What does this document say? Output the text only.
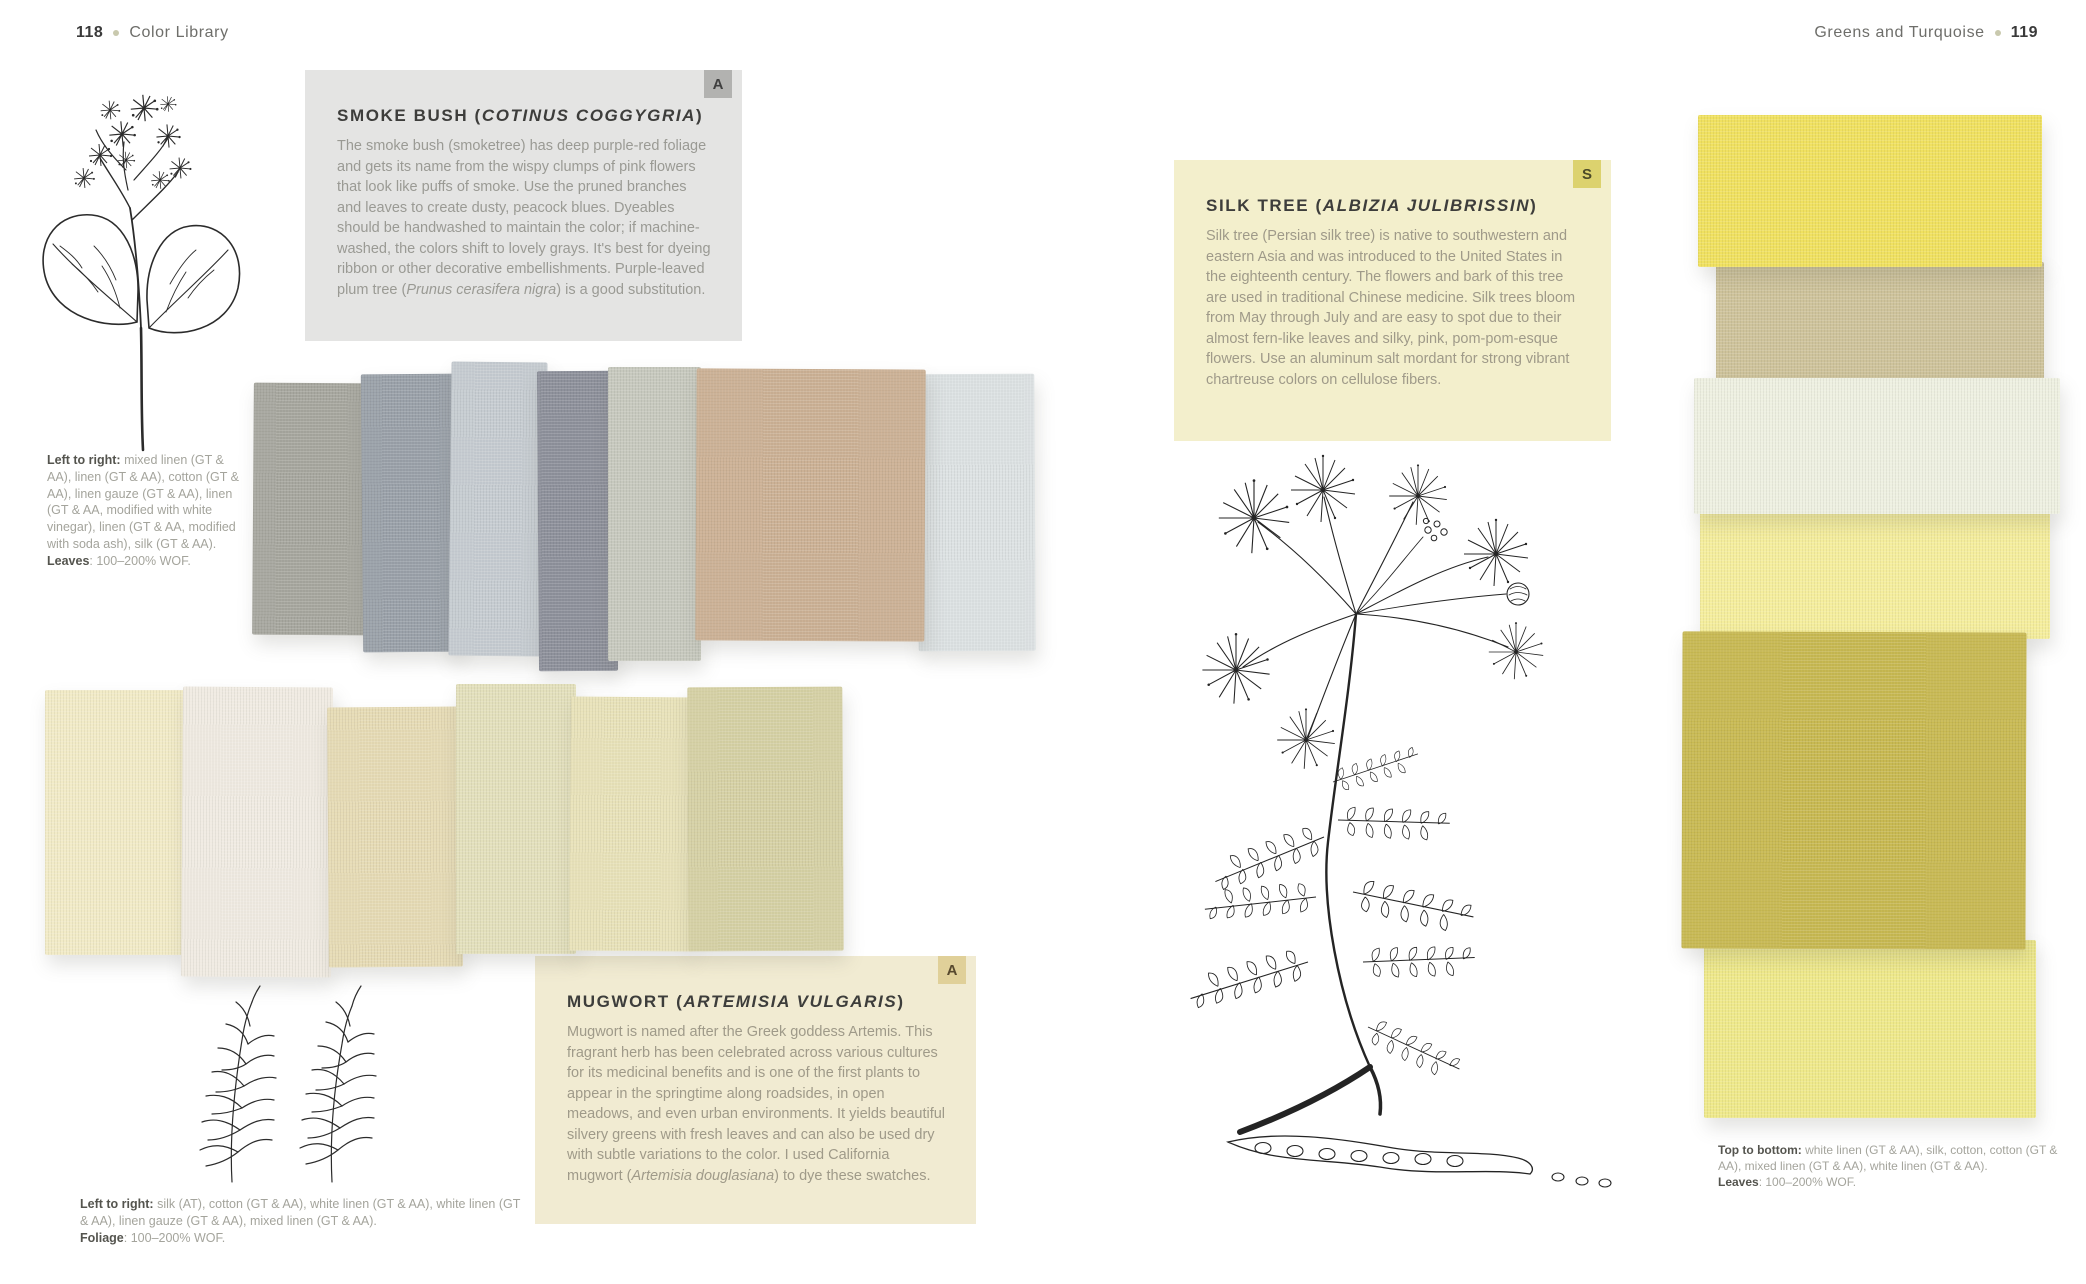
118 Color Library	Greens and Turquoise 119
A
SMOKE BUSH (COTINUS COGGYGRIA)

The smoke bush (smoketree) has deep purple-red foliage and gets its name from the wispy clumps of pink flowers that look like puffs of smoke. Use the pruned branches and leaves to create dusty, peacock blues. Dyeables should be handwashed to maintain the color; if machine-washed, the colors shift to lovely grays. It's best for dyeing ribbon or other decorative embellishments. Purple-leaved plum tree (Prunus cerasifera nigra) is a good substitution.

Left to right: mixed linen (GT & AA), linen (GT & AA), cotton (GT & AA), linen gauze (GT & AA), linen (GT & AA, modified with white vinegar), linen (GT & AA, modified with soda ash), silk (GT & AA).
Leaves: 100–200% WOF.
A
MUGWORT (ARTEMISIA VULGARIS)

Mugwort is named after the Greek goddess Artemis. This fragrant herb has been celebrated across various cultures for its medicinal benefits and is one of the first plants to appear in the springtime along roadsides, in open meadows, and even urban environments. It yields beautiful silvery greens with fresh leaves and can also be used dry with subtle variations to the color. I used California mugwort (Artemisia douglasiana) to dye these swatches.

Left to right: silk (AT), cotton (GT & AA), white linen (GT & AA), white linen (GT & AA), linen gauze (GT & AA), mixed linen (GT & AA).
Foliage: 100–200% WOF.
S
SILK TREE (ALBIZIA JULIBRISSIN)

Silk tree (Persian silk tree) is native to southwestern and eastern Asia and was introduced to the United States in the eighteenth century. The flowers and bark of this tree are used in traditional Chinese medicine. Silk trees bloom from May through July and are easy to spot due to their almost fern-like leaves and silky, pink, pom-pom-esque flowers. Use an aluminum salt mordant for strong vibrant chartreuse colors on cellulose fibers.

Top to bottom: white linen (GT & AA), silk, cotton, cotton (GT & AA), mixed linen (GT & AA), white linen (GT & AA).
Leaves: 100–200% WOF.
